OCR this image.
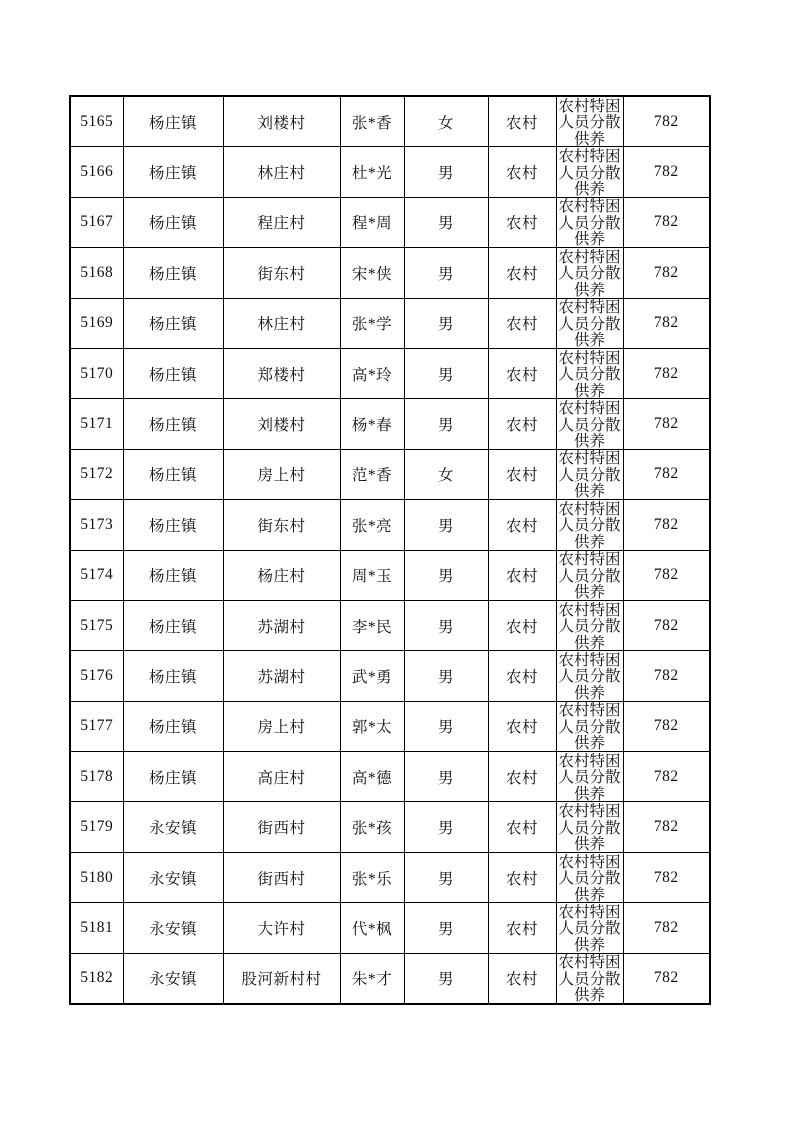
5165	杨庄镇	刘楼村	张*香	女	农村	农村特困人员分散供养	782
5166	杨庄镇	林庄村	杜*光	男	农村	农村特困人员分散供养	782
5167	杨庄镇	程庄村	程*周	男	农村	农村特困人员分散供养	782
5168	杨庄镇	街东村	宋*侠	男	农村	农村特困人员分散供养	782
5169	杨庄镇	林庄村	张*学	男	农村	农村特困人员分散供养	782
5170	杨庄镇	郑楼村	高*玲	男	农村	农村特困人员分散供养	782
5171	杨庄镇	刘楼村	杨*春	男	农村	农村特困人员分散供养	782
5172	杨庄镇	房上村	范*香	女	农村	农村特困人员分散供养	782
5173	杨庄镇	街东村	张*亮	男	农村	农村特困人员分散供养	782
5174	杨庄镇	杨庄村	周*玉	男	农村	农村特困人员分散供养	782
5175	杨庄镇	苏湖村	李*民	男	农村	农村特困人员分散供养	782
5176	杨庄镇	苏湖村	武*勇	男	农村	农村特困人员分散供养	782
5177	杨庄镇	房上村	郭*太	男	农村	农村特困人员分散供养	782
5178	杨庄镇	高庄村	高*德	男	农村	农村特困人员分散供养	782
5179	永安镇	街西村	张*孩	男	农村	农村特困人员分散供养	782
5180	永安镇	街西村	张*乐	男	农村	农村特困人员分散供养	782
5181	永安镇	大许村	代*枫	男	农村	农村特困人员分散供养	782
5182	永安镇	股河新村村	朱*才	男	农村	农村特困人员分散供养	782
